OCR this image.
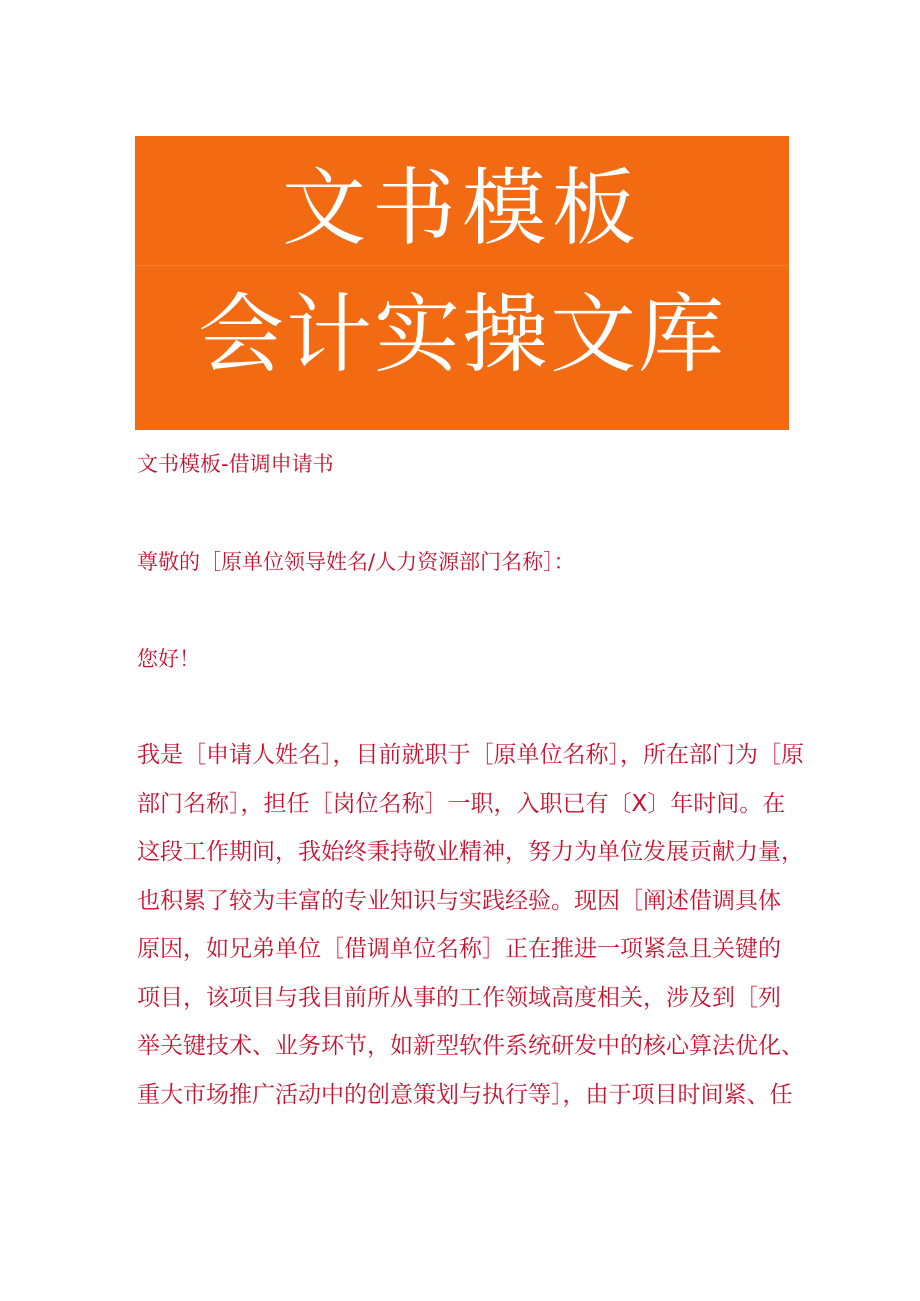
文书模板
会计实操文库
文书模板-借调申请书
尊敬的［原单位领导姓名/人力资源部门名称］：
您好！
我是［申请人姓名］，目前就职于［原单位名称］，所在部门为［原
部门名称］，担任［岗位名称］一职，入职已有〔X〕年时间。在
这段工作期间，我始终秉持敬业精神，努力为单位发展贡献力量，
也积累了较为丰富的专业知识与实践经验。现因［阐述借调具体
原因，如兄弟单位［借调单位名称］正在推进一项紧急且关键的
项目，该项目与我目前所从事的工作领域高度相关，涉及到［列
举关键技术、业务环节，如新型软件系统研发中的核心算法优化、
重大市场推广活动中的创意策划与执行等］，由于项目时间紧、任
